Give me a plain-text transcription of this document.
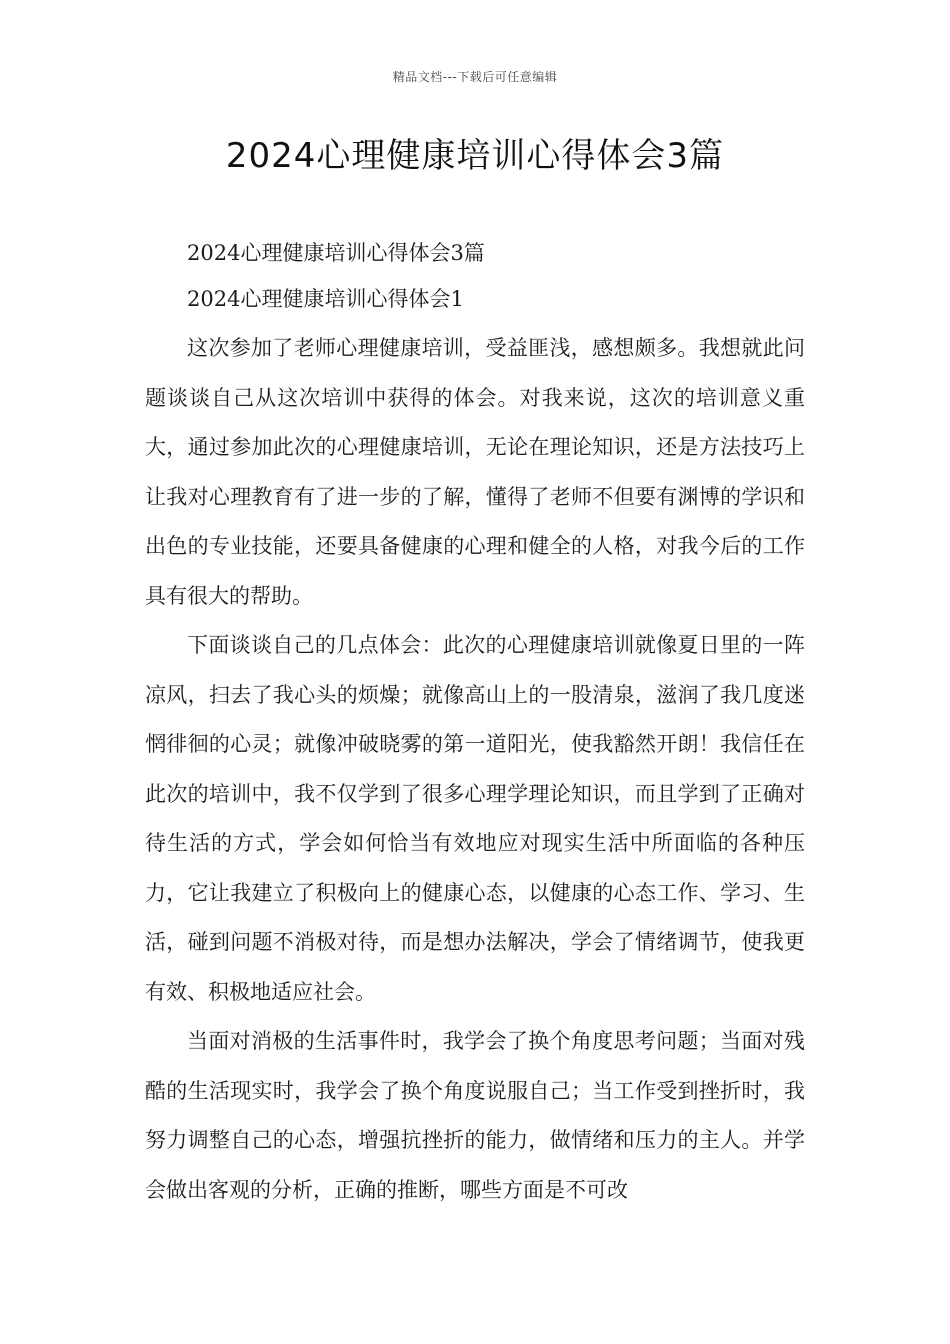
精品文档---下载后可任意编辑
2024心理健康培训心得体会3篇

2024心理健康培训心得体会3篇

2024心理健康培训心得体会1

这次参加了老师心理健康培训，受益匪浅，感想颇多。我想就此问题谈谈自己从这次培训中获得的体会。对我来说，这次的培训意义重大，通过参加此次的心理健康培训，无论在理论知识，还是方法技巧上让我对心理教育有了进一步的了解，懂得了老师不但要有渊博的学识和出色的专业技能，还要具备健康的心理和健全的人格，对我今后的工作具有很大的帮助。

下面谈谈自己的几点体会：此次的心理健康培训就像夏日里的一阵凉风，扫去了我心头的烦燥；就像高山上的一股清泉，滋润了我几度迷惘徘徊的心灵；就像冲破晓雾的第一道阳光，使我豁然开朗！我信任在此次的培训中，我不仅学到了很多心理学理论知识，而且学到了正确对待生活的方式，学会如何恰当有效地应对现实生活中所面临的各种压力，它让我建立了积极向上的健康心态，以健康的心态工作、学习、生活，碰到问题不消极对待，而是想办法解决，学会了情绪调节，使我更有效、积极地适应社会。

当面对消极的生活事件时，我学会了换个角度思考问题；当面对残酷的生活现实时，我学会了换个角度说服自己；当工作受到挫折时，我努力调整自己的心态，增强抗挫折的能力，做情绪和压力的主人。并学会做出客观的分析，正确的推断，哪些方面是不可改
